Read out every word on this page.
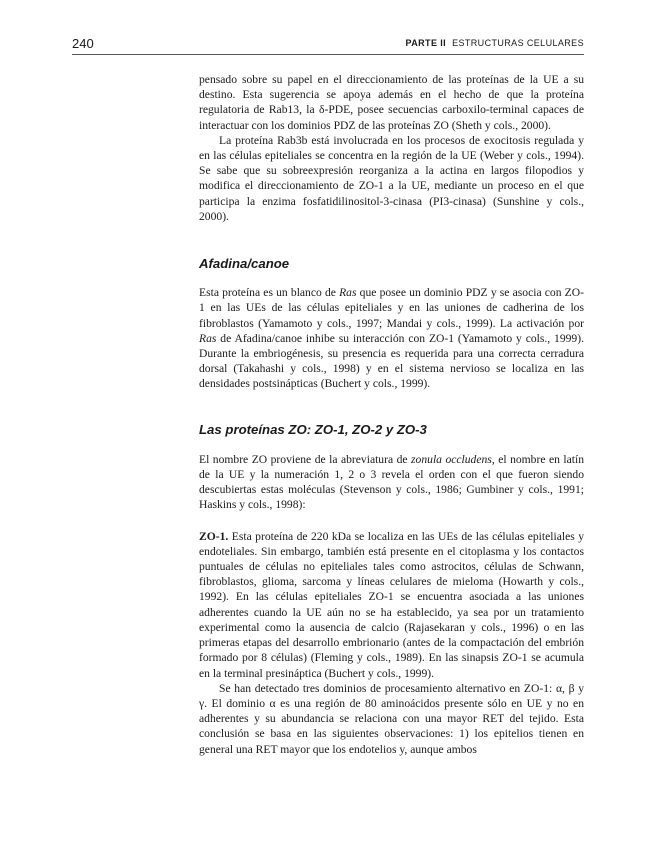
240	PARTE II ESTRUCTURAS CELULARES

pensado sobre su papel en el direccionamiento de las proteínas de la UE a su destino. Esta sugerencia se apoya además en el hecho de que la proteína regulatoria de Rab13, la δ-PDE, posee secuencias carboxilo-terminal capaces de interactuar con los dominios PDZ de las proteínas ZO (Sheth y cols., 2000).

La proteína Rab3b está involucrada en los procesos de exocitosis regulada y en las células epiteliales se concentra en la región de la UE (Weber y cols., 1994). Se sabe que su sobreexpresión reorganiza a la actina en largos filopodios y modifica el direccionamiento de ZO-1 a la UE, mediante un proceso en el que participa la enzima fosfatidilinositol-3-cinasa (PI3-cinasa) (Sunshine y cols., 2000).

Afadina/canoe

Esta proteína es un blanco de Ras que posee un dominio PDZ y se asocia con ZO-1 en las UEs de las células epiteliales y en las uniones de cadherina de los fibroblastos (Yamamoto y cols., 1997; Mandai y cols., 1999). La activación por Ras de Afadina/canoe inhibe su interacción con ZO-1 (Yamamoto y cols., 1999). Durante la embriogénesis, su presencia es requerida para una correcta cerradura dorsal (Takahashi y cols., 1998) y en el sistema nervioso se localiza en las densidades postsinápticas (Buchert y cols., 1999).

Las proteínas ZO: ZO-1, ZO-2 y ZO-3

El nombre ZO proviene de la abreviatura de zonula occludens, el nombre en latín de la UE y la numeración 1, 2 o 3 revela el orden con el que fueron siendo descubiertas estas moléculas (Stevenson y cols., 1986; Gumbiner y cols., 1991; Haskins y cols., 1998):

ZO-1. Esta proteína de 220 kDa se localiza en las UEs de las células epiteliales y endoteliales. Sin embargo, también está presente en el citoplasma y los contactos puntuales de células no epiteliales tales como astrocitos, células de Schwann, fibroblastos, glioma, sarcoma y líneas celulares de mieloma (Howarth y cols., 1992). En las células epiteliales ZO-1 se encuentra asociada a las uniones adherentes cuando la UE aún no se ha establecido, ya sea por un tratamiento experimental como la ausencia de calcio (Rajasekaran y cols., 1996) o en las primeras etapas del desarrollo embrionario (antes de la compactación del embrión formado por 8 células) (Fleming y cols., 1989). En las sinapsis ZO-1 se acumula en la terminal presináptica (Buchert y cols., 1999).

Se han detectado tres dominios de procesamiento alternativo en ZO-1: α, β y γ. El dominio α es una región de 80 aminoácidos presente sólo en UE y no en adherentes y su abundancia se relaciona con una mayor RET del tejido. Esta conclusión se basa en las siguientes observaciones: 1) los epitelios tienen en general una RET mayor que los endotelios y, aunque ambos
